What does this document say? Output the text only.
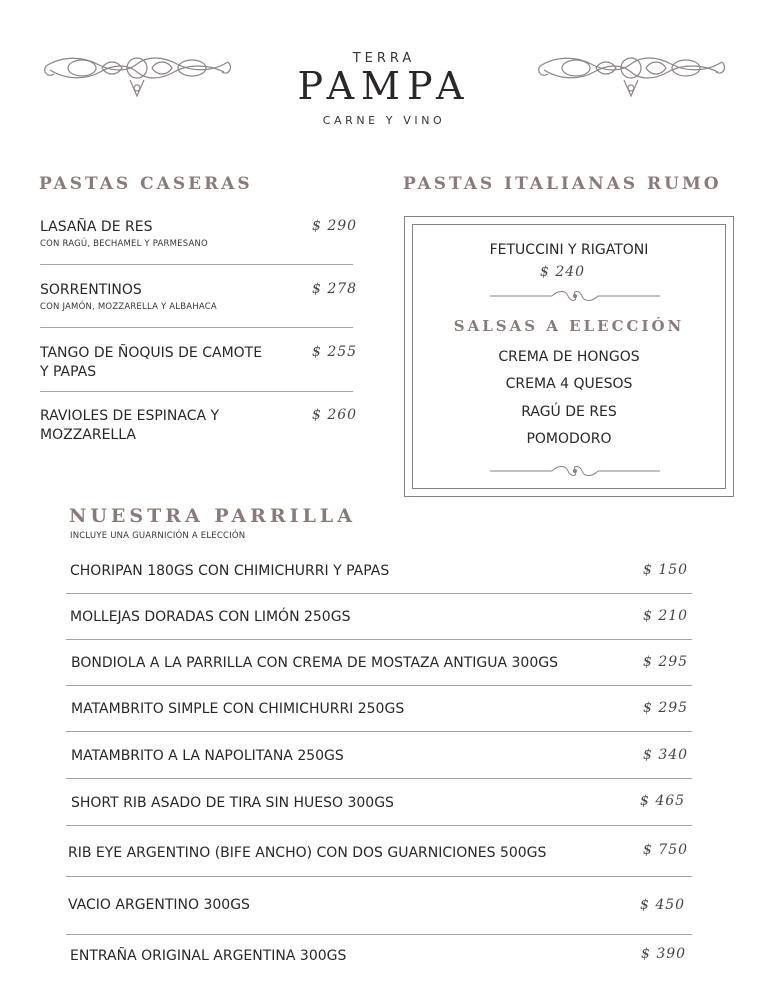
TERRA
PAMPA
CARNE Y VINO
PASTAS CASERAS
LASAÑA DE RES
CON RAGÚ, BECHAMEL Y PARMESANO
$ 290
SORRENTINOS
CON JAMÓN, MOZZARELLA Y ALBAHACA
$ 278
TANGO DE ÑOQUIS DE CAMOTE
Y PAPAS
$ 255
RAVIOLES DE ESPINACA Y
MOZZARELLA
$ 260
PASTAS ITALIANAS RUMO
FETUCCINI Y RIGATONI
$ 240
SALSAS A ELECCIÓN
CREMA DE HONGOS
CREMA 4 QUESOS
RAGÚ DE RES
POMODORO
NUESTRA PARRILLA
INCLUYE UNA GUARNICIÓN A ELECCIÓN
CHORIPAN 180GS CON CHIMICHURRI Y PAPAS	$ 150
MOLLEJAS DORADAS CON LIMÓN 250GS	$ 210
BONDIOLA A LA PARRILLA CON CREMA DE MOSTAZA ANTIGUA 300GS	$ 295
MATAMBRITO SIMPLE CON CHIMICHURRI 250GS	$ 295
MATAMBRITO A LA NAPOLITANA 250GS	$ 340
SHORT RIB ASADO DE TIRA SIN HUESO 300GS	$ 465
RIB EYE ARGENTINO (BIFE ANCHO) CON DOS GUARNICIONES 500GS	$ 750
VACIO ARGENTINO 300GS	$ 450
ENTRAÑA ORIGINAL ARGENTINA 300GS	$ 390
